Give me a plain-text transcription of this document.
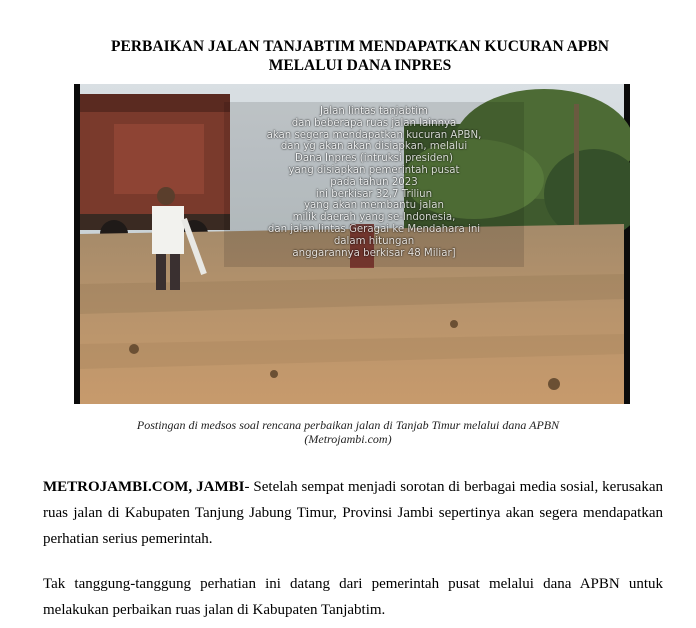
PERBAIKAN JALAN TANJABTIM MENDAPATKAN KUCURAN APBN
MELALUI DANA INPRES
Jalan lintas tanjabtim
dan beberapa ruas jalan lainnya
akan segera mendapatkan kucuran APBN,
dan yg akan akan disiapkan, melalui
Dana Inpres (intruksi presiden)
yang disiapkan pemerintah pusat
pada tahun 2023
ini berkisar 32,7 Triliun
yang akan membantu jalan
milik daerah yang se-Indonesia,
dan jalan lintas Geragai ke Mendahara ini
dalam hitungan
anggarannya berkisar 48 Miliar]
Postingan di medsos soal rencana perbaikan jalan di Tanjab Timur melalui dana APBN
(Metrojambi.com)
METROJAMBI.COM, JAMBI- Setelah sempat menjadi sorotan di berbagai media sosial, kerusakan ruas jalan di Kabupaten Tanjung Jabung Timur, Provinsi Jambi sepertinya akan segera mendapatkan perhatian serius pemerintah.
Tak tanggung-tanggung perhatian ini datang dari pemerintah pusat melalui dana APBN untuk melakukan perbaikan ruas jalan di Kabupaten Tanjabtim.
